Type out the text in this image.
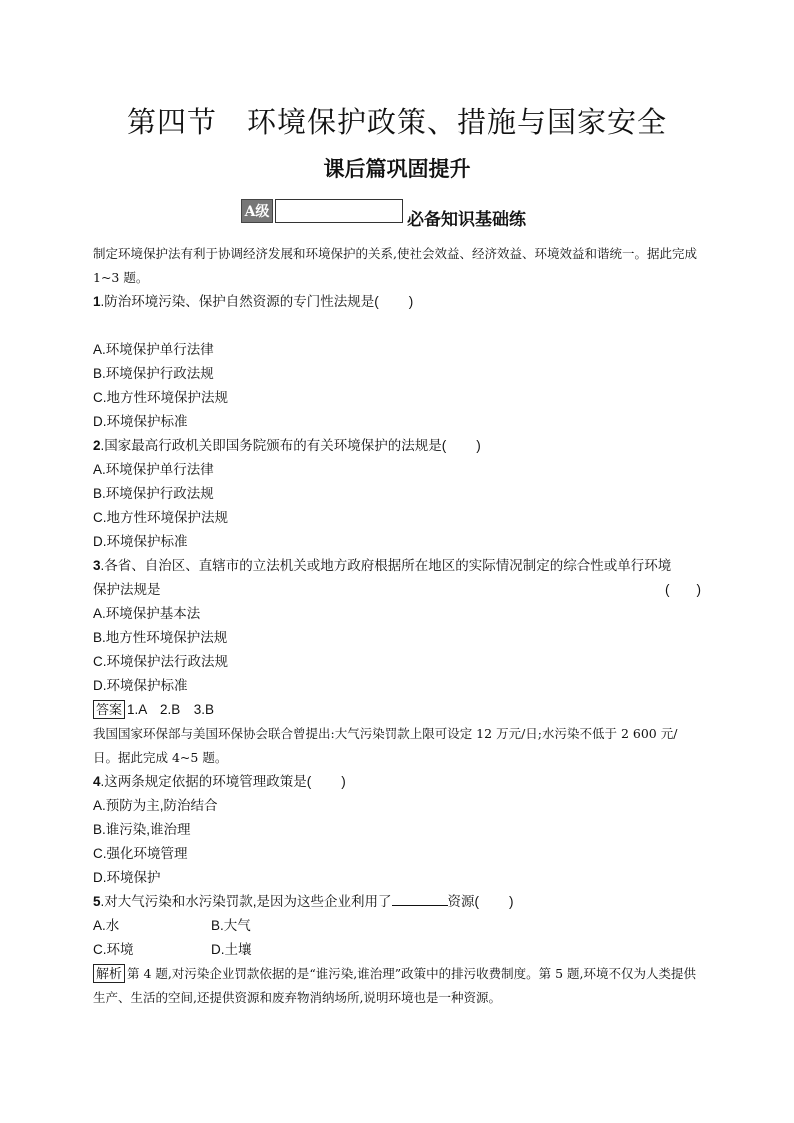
第四节 环境保护政策、措施与国家安全
课后篇巩固提升
A级	必备知识基础练

制定环境保护法有利于协调经济发展和环境保护的关系,使社会效益、经济效益、环境效益和谐统一。据此完成 1~3 题。

1.防治环境污染、保护自然资源的专门性法规是( )
A.环境保护单行法律
B.环境保护行政法规
C.地方性环境保护法规
D.环境保护标准
2.国家最高行政机关即国务院颁布的有关环境保护的法规是( )
A.环境保护单行法律
B.环境保护行政法规
C.地方性环境保护法规
D.环境保护标准
3.各省、自治区、直辖市的立法机关或地方政府根据所在地区的实际情况制定的综合性或单行环境
保护法规是	(　　)
A.环境保护基本法
B.地方性环境保护法规
C.环境保护法行政法规
D.环境保护标准
答案 1.A　2.B　3.B

我国国家环保部与美国环保协会联合曾提出:大气污染罚款上限可设定 12 万元/日;水污染不低于 2 600 元/日。据此完成 4~5 题。

4.这两条规定依据的环境管理政策是( )
A.预防为主,防治结合
B.谁污染,谁治理
C.强化环境管理
D.环境保护
5.对大气污染和水污染罚款,是因为这些企业利用了	资源( )
A.水	B.大气
C.环境	D.土壤

解析 第 4 题,对污染企业罚款依据的是“谁污染,谁治理”政策中的排污收费制度。第 5 题,环境不仅为人类提供生产、生活的空间,还提供资源和废弃物消纳场所,说明环境也是一种资源。
